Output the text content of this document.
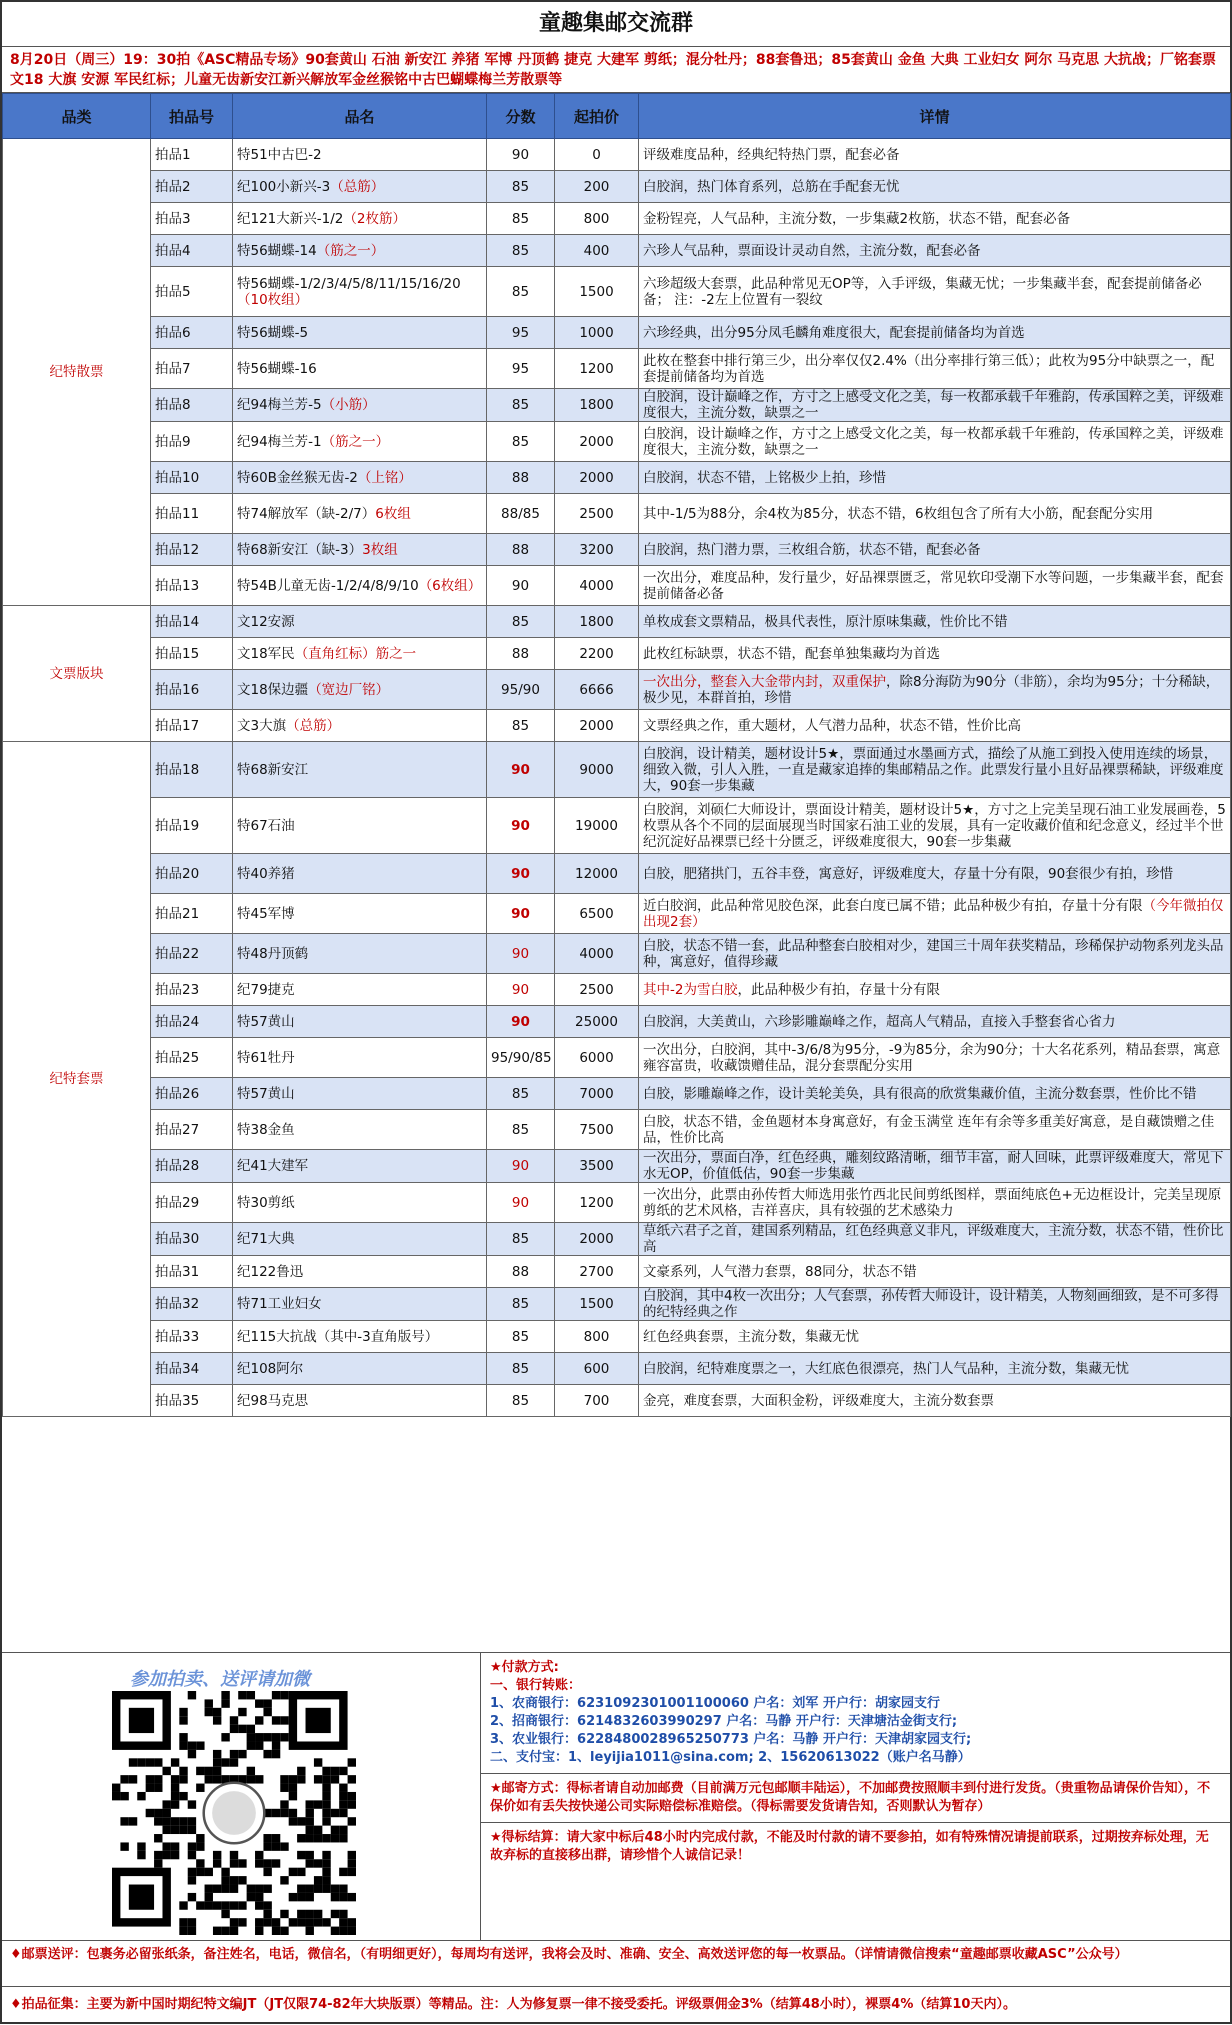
童趣集邮交流群
8月20日（周三）19：30拍《ASC精品专场》90套黄山 石油 新安江 养猪 军博 丹顶鹤 捷克 大建军 剪纸；混分牡丹；88套鲁迅；85套黄山 金鱼 大典 工业妇女 阿尔 马克思 大抗战；厂铭套票文18 大旗 安源 军民红标；儿童无齿新安江新兴解放军金丝猴铭中古巴蝴蝶梅兰芳散票等
品类	拍品号	品名	分数	起拍价	详情
纪特散票	拍品1	特51中古巴-2	90	0	评级难度品种，经典纪特热门票，配套必备
	拍品2	纪100小新兴-3（总筋）	85	200	白胶润，热门体育系列，总筋在手配套无忧
	拍品3	纪121大新兴-1/2（2枚筋）	85	800	金粉锃亮，人气品种，主流分数，一步集藏2枚筋，状态不错，配套必备
	拍品4	特56蝴蝶-14（筋之一）	85	400	六珍人气品种，票面设计灵动自然，主流分数，配套必备
	拍品5	特56蝴蝶-1/2/3/4/5/8/11/15/16/20（10枚组）	85	1500	六珍超级大套票，此品种常见无OP等，入手评级，集藏无忧；一步集藏半套，配套提前储备必备； 注：-2左上位置有一裂纹
	拍品6	特56蝴蝶-5	95	1000	六珍经典，出分95分凤毛麟角难度很大，配套提前储备均为首选
	拍品7	特56蝴蝶-16	95	1200	此枚在整套中排行第三少，出分率仅仅2.4%（出分率排行第三低）；此枚为95分中缺票之一，配套提前储备均为首选
	拍品8	纪94梅兰芳-5（小筋）	85	1800	白胶润，设计巅峰之作，方寸之上感受文化之美，每一枚都承载千年雅韵，传承国粹之美，评级难度很大，主流分数，缺票之一
	拍品9	纪94梅兰芳-1（筋之一）	85	2000	白胶润，设计巅峰之作，方寸之上感受文化之美，每一枚都承载千年雅韵，传承国粹之美，评级难度很大，主流分数，缺票之一
	拍品10	特60B金丝猴无齿-2（上铭）	88	2000	白胶润，状态不错，上铭极少上拍，珍惜
	拍品11	特74解放军（缺-2/7）6枚组	88/85	2500	其中-1/5为88分，余4枚为85分，状态不错，6枚组包含了所有大小筋，配套配分实用
	拍品12	特68新安江（缺-3）3枚组	88	3200	白胶润，热门潜力票，三枚组合筋，状态不错，配套必备
	拍品13	特54B儿童无齿-1/2/4/8/9/10（6枚组）	90	4000	一次出分，难度品种，发行量少，好品裸票匮乏，常见软印受潮下水等问题，一步集藏半套，配套提前储备必备
文票版块	拍品14	文12安源	85	1800	单枚成套文票精品，极具代表性，原汁原味集藏，性价比不错
	拍品15	文18军民（直角红标）筋之一	88	2200	此枚红标缺票，状态不错，配套单独集藏均为首选
	拍品16	文18保边疆（宽边厂铭）	95/90	6666	一次出分，整套入大金带内封，双重保护，除8分海防为90分（非筋），余均为95分；十分稀缺，极少见，本群首拍，珍惜
	拍品17	文3大旗（总筋）	85	2000	文票经典之作，重大题材，人气潜力品种，状态不错，性价比高
纪特套票	拍品18	特68新安江	90	9000	白胶润，设计精美，题材设计5★，票面通过水墨画方式，描绘了从施工到投入使用连续的场景，细致入微，引人入胜，一直是藏家追捧的集邮精品之作。此票发行量小且好品裸票稀缺，评级难度大，90套一步集藏
	拍品19	特67石油	90	19000	白胶润，刘硕仁大师设计，票面设计精美，题材设计5★，方寸之上完美呈现石油工业发展画卷，5枚票从各个不同的层面展现当时国家石油工业的发展，具有一定收藏价值和纪念意义，经过半个世纪沉淀好品裸票已经十分匮乏，评级难度很大，90套一步集藏
	拍品20	特40养猪	90	12000	白胶，肥猪拱门，五谷丰登，寓意好，评级难度大，存量十分有限，90套很少有拍，珍惜
	拍品21	特45军博	90	6500	近白胶润，此品种常见胶色深，此套白度已属不错；此品种极少有拍，存量十分有限（今年微拍仅出现2套）
	拍品22	特48丹顶鹤	90	4000	白胶，状态不错一套，此品种整套白胶相对少，建国三十周年获奖精品，珍稀保护动物系列龙头品种，寓意好，值得珍藏
	拍品23	纪79捷克	90	2500	其中-2为雪白胶，此品种极少有拍，存量十分有限
	拍品24	特57黄山	90	25000	白胶润，大美黄山，六珍影雕巅峰之作，超高人气精品，直接入手整套省心省力
	拍品25	特61牡丹	95/90/85	6000	一次出分，白胶润，其中-3/6/8为95分，-9为85分，余为90分；十大名花系列，精品套票，寓意雍容富贵，收藏馈赠佳品，混分套票配分实用
	拍品26	特57黄山	85	7000	白胶，影雕巅峰之作，设计美轮美奂，具有很高的欣赏集藏价值，主流分数套票，性价比不错
	拍品27	特38金鱼	85	7500	白胶，状态不错，金鱼题材本身寓意好，有金玉满堂 连年有余等多重美好寓意，是自藏馈赠之佳品，性价比高
	拍品28	纪41大建军	90	3500	一次出分，票面白净，红色经典，雕刻纹路清晰，细节丰富，耐人回味，此票评级难度大，常见下水无OP，价值低估，90套一步集藏
	拍品29	特30剪纸	90	1200	一次出分，此票由孙传哲大师选用张竹西北民间剪纸图样，票面纯底色+无边框设计，完美呈现原剪纸的艺术风格，吉祥喜庆，具有较强的艺术感染力
	拍品30	纪71大典	85	2000	草纸六君子之首，建国系列精品，红色经典意义非凡，评级难度大，主流分数，状态不错，性价比高
	拍品31	纪122鲁迅	88	2700	文豪系列，人气潜力套票，88同分，状态不错
	拍品32	特71工业妇女	85	1500	白胶润，其中4枚一次出分；人气套票，孙传哲大师设计，设计精美，人物刻画细致，是不可多得的纪特经典之作
	拍品33	纪115大抗战（其中-3直角版号）	85	800	红色经典套票，主流分数，集藏无忧
	拍品34	纪108阿尔	85	600	白胶润，纪特难度票之一，大红底色很漂亮，热门人气品种，主流分数，集藏无忧
	拍品35	纪98马克思	85	700	金亮，难度套票，大面积金粉，评级难度大，主流分数套票
参加拍卖、送评请加微
★付款方式:
一、银行转账：
1、农商银行：6231092301001100060 户名：刘军 开户行：胡家园支行
2、招商银行：6214832603990297 户名：马静 开户行：天津塘沽金街支行;
3、农业银行：6228480028965250773 户名：马静 开户行：天津胡家园支行;
二、支付宝：1、leyijia1011@sina.com; 2、15620613022（账户名马静）
★邮寄方式：得标者请自动加邮费（目前满万元包邮顺丰陆运），不加邮费按照顺丰到付进行发货。（贵重物品请保价告知），不保价如有丢失按快递公司实际赔偿标准赔偿。（得标需要发货请告知，否则默认为暂存）
★得标结算：请大家中标后48小时内完成付款，不能及时付款的请不要参拍，如有特殊情况请提前联系，过期按弃标处理，无故弃标的直接移出群，请珍惜个人诚信记录！
♦邮票送评：包裹务必留张纸条，备注姓名，电话，微信名，（有明细更好），每周均有送评，我将会及时、准确、安全、高效送评您的每一枚票品。（详情请微信搜索“童趣邮票收藏ASC”公众号）
♦拍品征集：主要为新中国时期纪特文编JT（JT仅限74-82年大块版票）等精品。注：人为修复票一律不接受委托。评级票佣金3%（结算48小时），裸票4%（结算10天内）。
